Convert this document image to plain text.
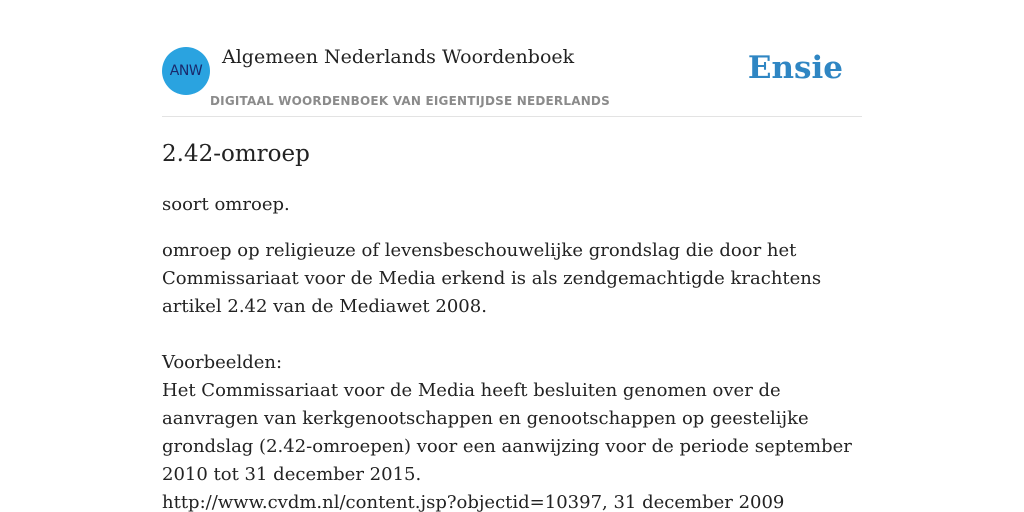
ANW
Algemeen Nederlands Woordenboek
DIGITAAL WOORDENBOEK VAN EIGENTIJDSE NEDERLANDS
Ensie
2.42-omroep

soort omroep.

omroep op religieuze of levensbeschouwelijke grondslag die door het Commissariaat voor de Media erkend is als zendgemachtigde krachtens artikel 2.42 van de Mediawet 2008.

Voorbeelden:

Het Commissariaat voor de Media heeft besluiten genomen over de aanvragen van kerkgenootschappen en genootschappen op geestelijke grondslag (2.42-omroepen) voor een aanwijzing voor de periode september 2010 tot 31 december 2015.

http://www.cvdm.nl/content.jsp?objectid=10397, 31 december 2009
